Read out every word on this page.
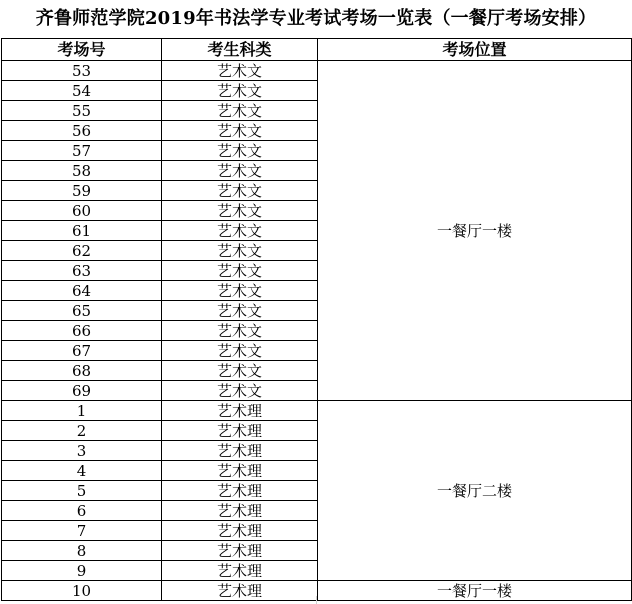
齐鲁师范学院2019年书法学专业考试考场一览表（一餐厅考场安排）
考场号	考生科类	考场位置
53	艺术文	一餐厅一楼
54	艺术文	
55	艺术文	
56	艺术文	
57	艺术文	
58	艺术文	
59	艺术文	
60	艺术文	
61	艺术文	
62	艺术文	
63	艺术文	
64	艺术文	
65	艺术文	
66	艺术文	
67	艺术文	
68	艺术文	
69	艺术文	
1	艺术理	一餐厅二楼
2	艺术理	
3	艺术理	
4	艺术理	
5	艺术理	
6	艺术理	
7	艺术理	
8	艺术理	
9	艺术理	
10	艺术理	一餐厅一楼
